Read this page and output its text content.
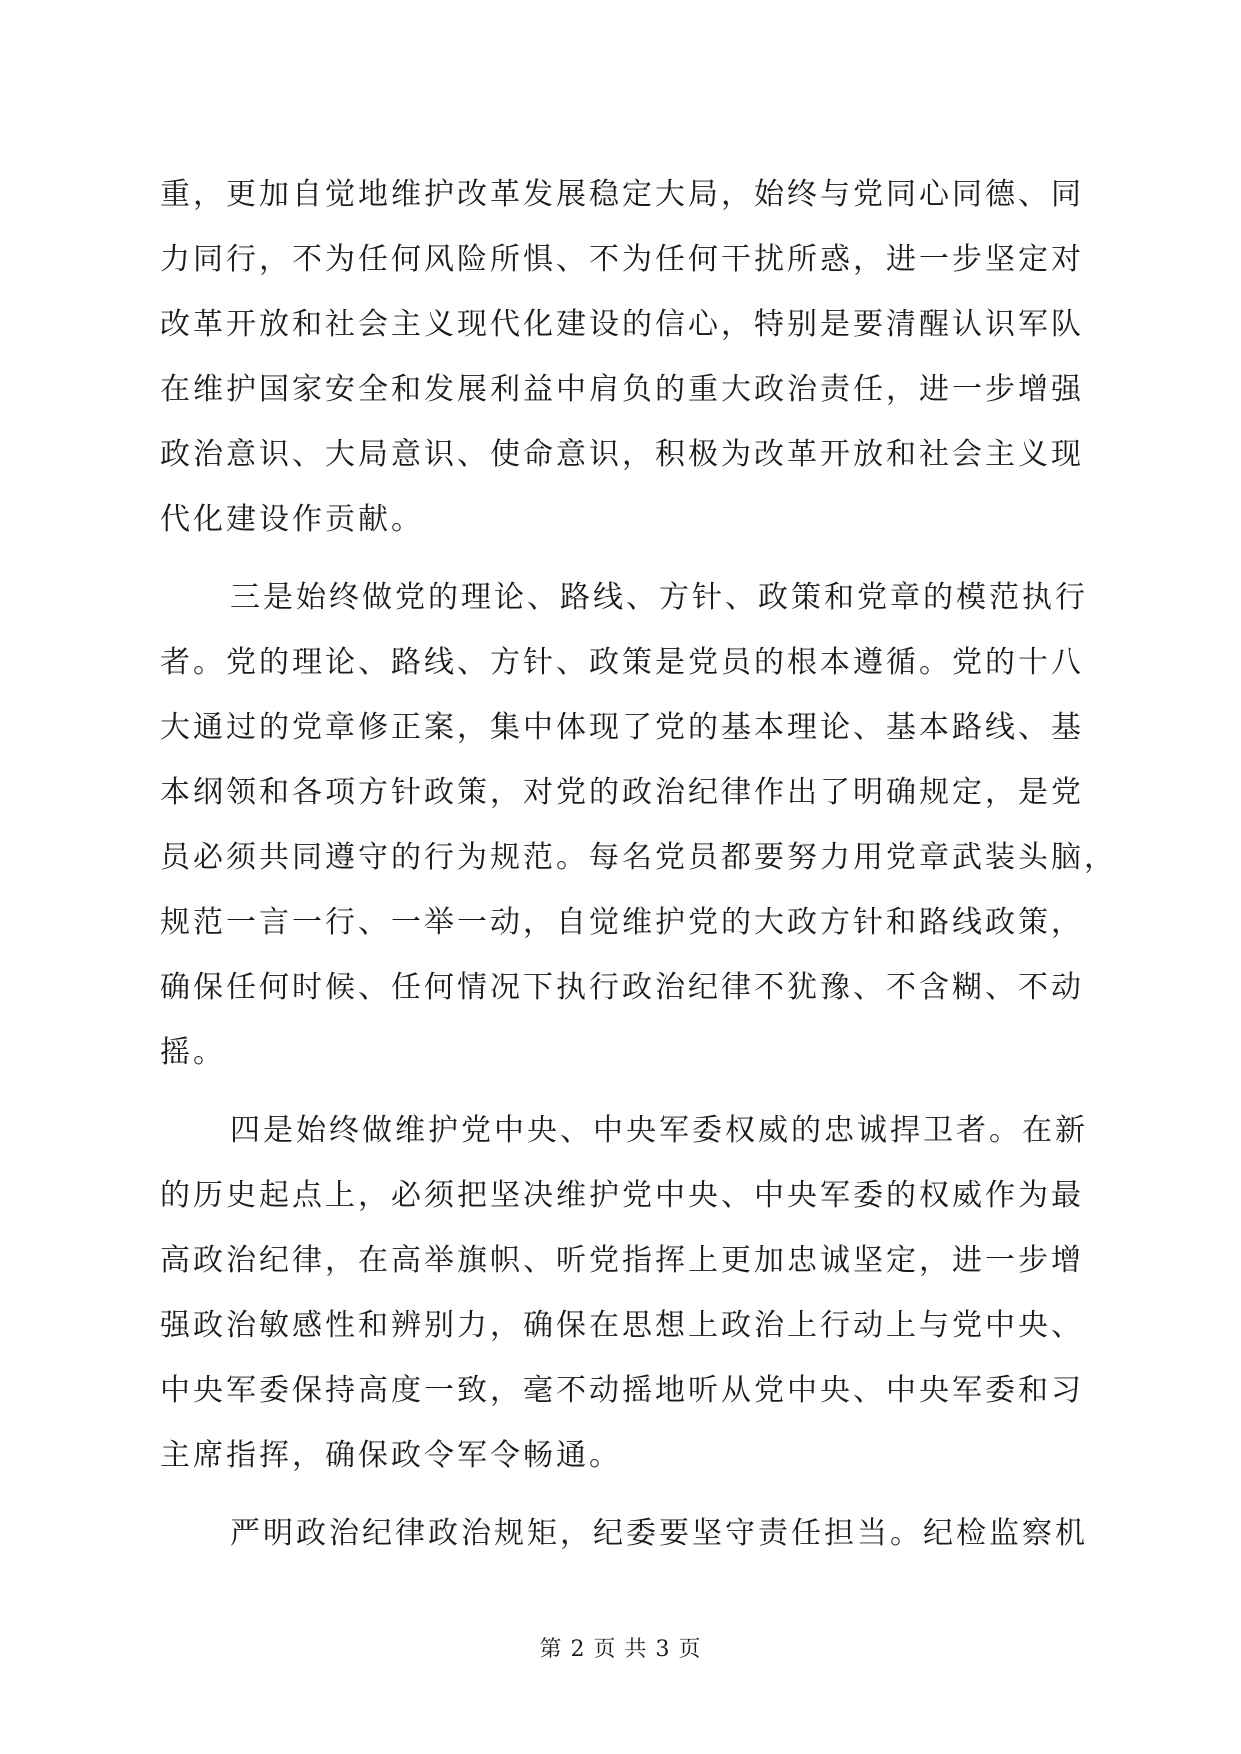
重，更加自觉地维护改革发展稳定大局，始终与党同心同德、同
力同行，不为任何风险所惧、不为任何干扰所惑，进一步坚定对
改革开放和社会主义现代化建设的信心，特别是要清醒认识军队
在维护国家安全和发展利益中肩负的重大政治责任，进一步增强
政治意识、大局意识、使命意识，积极为改革开放和社会主义现
代化建设作贡献。
三是始终做党的理论、路线、方针、政策和党章的模范执行
者。党的理论、路线、方针、政策是党员的根本遵循。党的十八
大通过的党章修正案，集中体现了党的基本理论、基本路线、基
本纲领和各项方针政策，对党的政治纪律作出了明确规定，是党
员必须共同遵守的行为规范。每名党员都要努力用党章武装头脑，
规范一言一行、一举一动，自觉维护党的大政方针和路线政策，
确保任何时候、任何情况下执行政治纪律不犹豫、不含糊、不动
摇。
四是始终做维护党中央、中央军委权威的忠诚捍卫者。在新
的历史起点上，必须把坚决维护党中央、中央军委的权威作为最
高政治纪律，在高举旗帜、听党指挥上更加忠诚坚定，进一步增
强政治敏感性和辨别力，确保在思想上政治上行动上与党中央、
中央军委保持高度一致，毫不动摇地听从党中央、中央军委和习
主席指挥，确保政令军令畅通。
严明政治纪律政治规矩，纪委要坚守责任担当。纪检监察机
第 2 页 共 3 页
